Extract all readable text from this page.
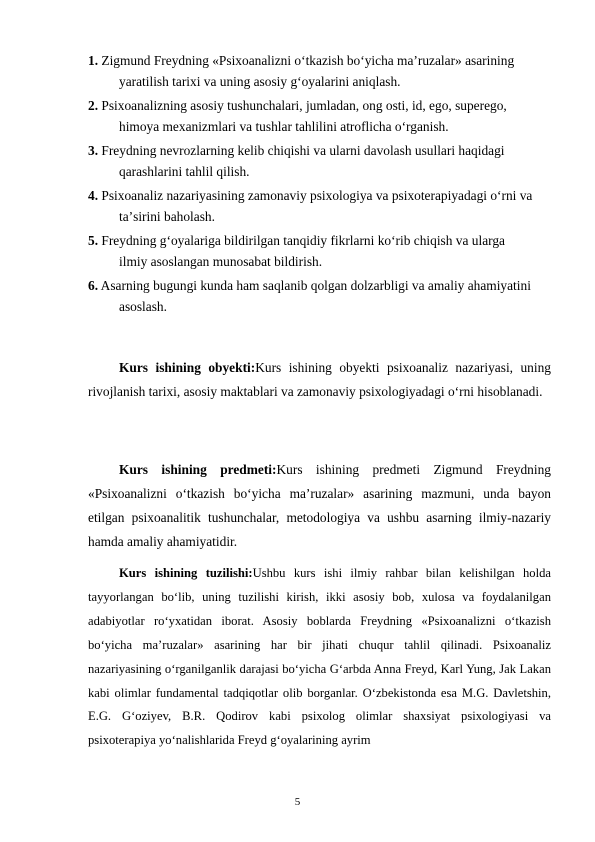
1. Zigmund Freydning «Psixoanalizni oʻtkazish boʻyicha maʼruzalar» asarining
yaratilish tarixi va uning asosiy gʻoyalarini aniqlash.
2. Psixoanalizning asosiy tushunchalari, jumladan, ong osti, id, ego, superego,
himoya mexanizmlari va tushlar tahlilini atroflicha oʻrganish.
3. Freydning nevrozlarning kelib chiqishi va ularni davolash usullari haqidagi
qarashlarini tahlil qilish.
4. Psixoanaliz nazariyasining zamonaviy psixologiya va psixoterapiyadagi oʻrni va
taʼsirini baholash.
5. Freydning gʻoyalariga bildirilgan tanqidiy fikrlarni koʻrib chiqish va ularga
ilmiy asoslangan munosabat bildirish.
6. Asarning bugungi kunda ham saqlanib qolgan dolzarbligi va amaliy ahamiyatini
asoslash.
Kurs ishining obyekti:Kurs ishining obyekti psixoanaliz nazariyasi, uning rivojlanish tarixi, asosiy maktablari va zamonaviy psixologiyadagi oʻrni hisoblanadi.
Kurs ishining predmeti:Kurs ishining predmeti Zigmund Freydning «Psixoanalizni oʻtkazish boʻyicha maʼruzalar» asarining mazmuni, unda bayon etilgan psixoanalitik tushunchalar, metodologiya va ushbu asarning ilmiy-nazariy hamda amaliy ahamiyatidir.
Kurs ishining tuzilishi:Ushbu kurs ishi ilmiy rahbar bilan kelishilgan holda tayyorlangan boʻlib, uning tuzilishi kirish, ikki asosiy bob, xulosa va foydalanilgan adabiyotlar roʻyxatidan iborat. Asosiy boblarda Freydning «Psixoanalizni oʻtkazish boʻyicha maʼruzalar» asarining har bir jihati chuqur tahlil qilinadi. Psixoanaliz nazariyasining oʻrganilganlik darajasi boʻyicha Gʻarbda Anna Freyd, Karl Yung, Jak Lakan kabi olimlar fundamental tadqiqotlar olib borganlar. Oʻzbekistonda esa M.G. Davletshin, E.G. Gʻoziyev, B.R. Qodirov kabi psixolog olimlar shaxsiyat psixologiyasi va psixoterapiya yoʻnalishlarida Freyd gʻoyalarining ayrim
5
